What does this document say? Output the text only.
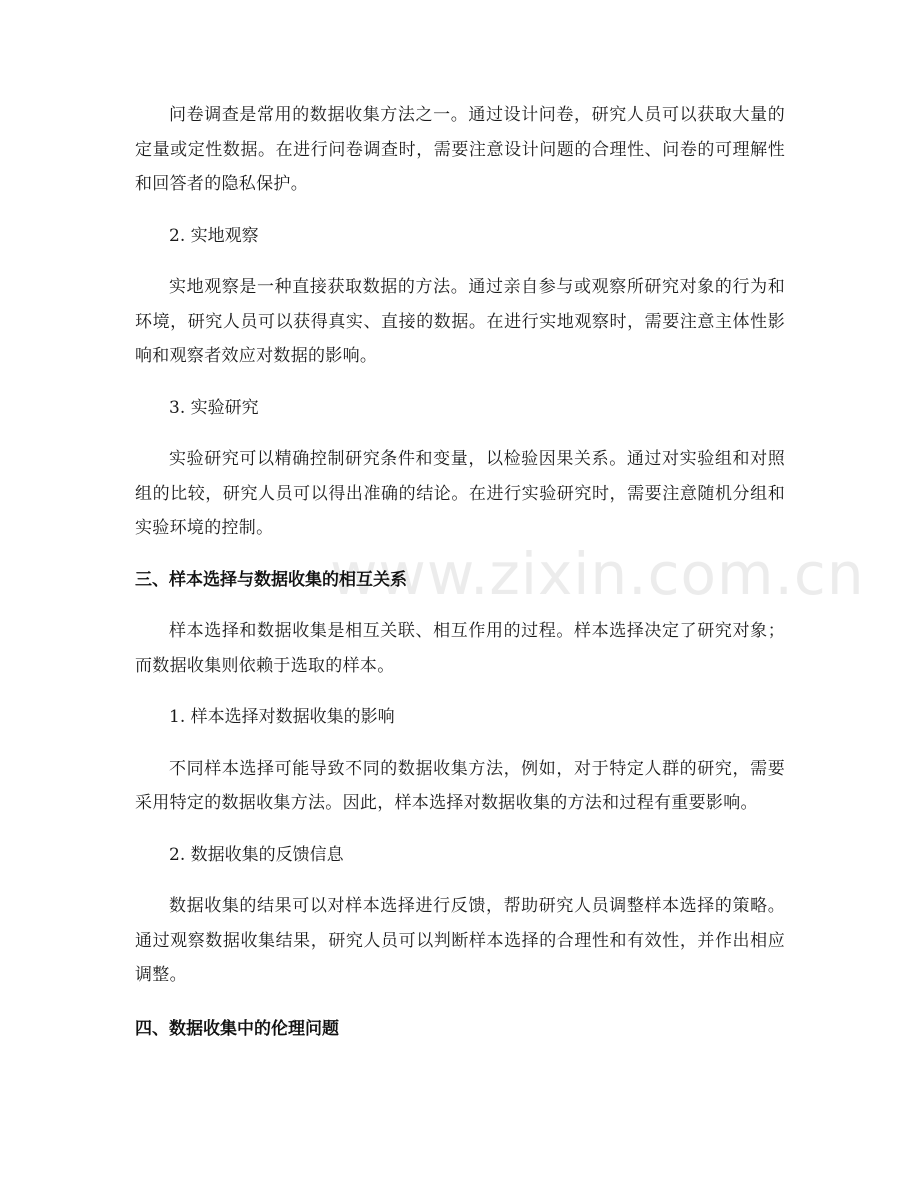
www.zixin.com.cn

问卷调查是常用的数据收集方法之一。通过设计问卷，研究人员可以获取大量的定量或定性数据。在进行问卷调查时，需要注意设计问题的合理性、问卷的可理解性和回答者的隐私保护。

2. 实地观察

实地观察是一种直接获取数据的方法。通过亲自参与或观察所研究对象的行为和环境，研究人员可以获得真实、直接的数据。在进行实地观察时，需要注意主体性影响和观察者效应对数据的影响。

3. 实验研究

实验研究可以精确控制研究条件和变量，以检验因果关系。通过对实验组和对照组的比较，研究人员可以得出准确的结论。在进行实验研究时，需要注意随机分组和实验环境的控制。

三、样本选择与数据收集的相互关系

样本选择和数据收集是相互关联、相互作用的过程。样本选择决定了研究对象；而数据收集则依赖于选取的样本。

1. 样本选择对数据收集的影响

不同样本选择可能导致不同的数据收集方法，例如，对于特定人群的研究，需要采用特定的数据收集方法。因此，样本选择对数据收集的方法和过程有重要影响。

2. 数据收集的反馈信息

数据收集的结果可以对样本选择进行反馈，帮助研究人员调整样本选择的策略。通过观察数据收集结果，研究人员可以判断样本选择的合理性和有效性，并作出相应调整。

四、数据收集中的伦理问题
